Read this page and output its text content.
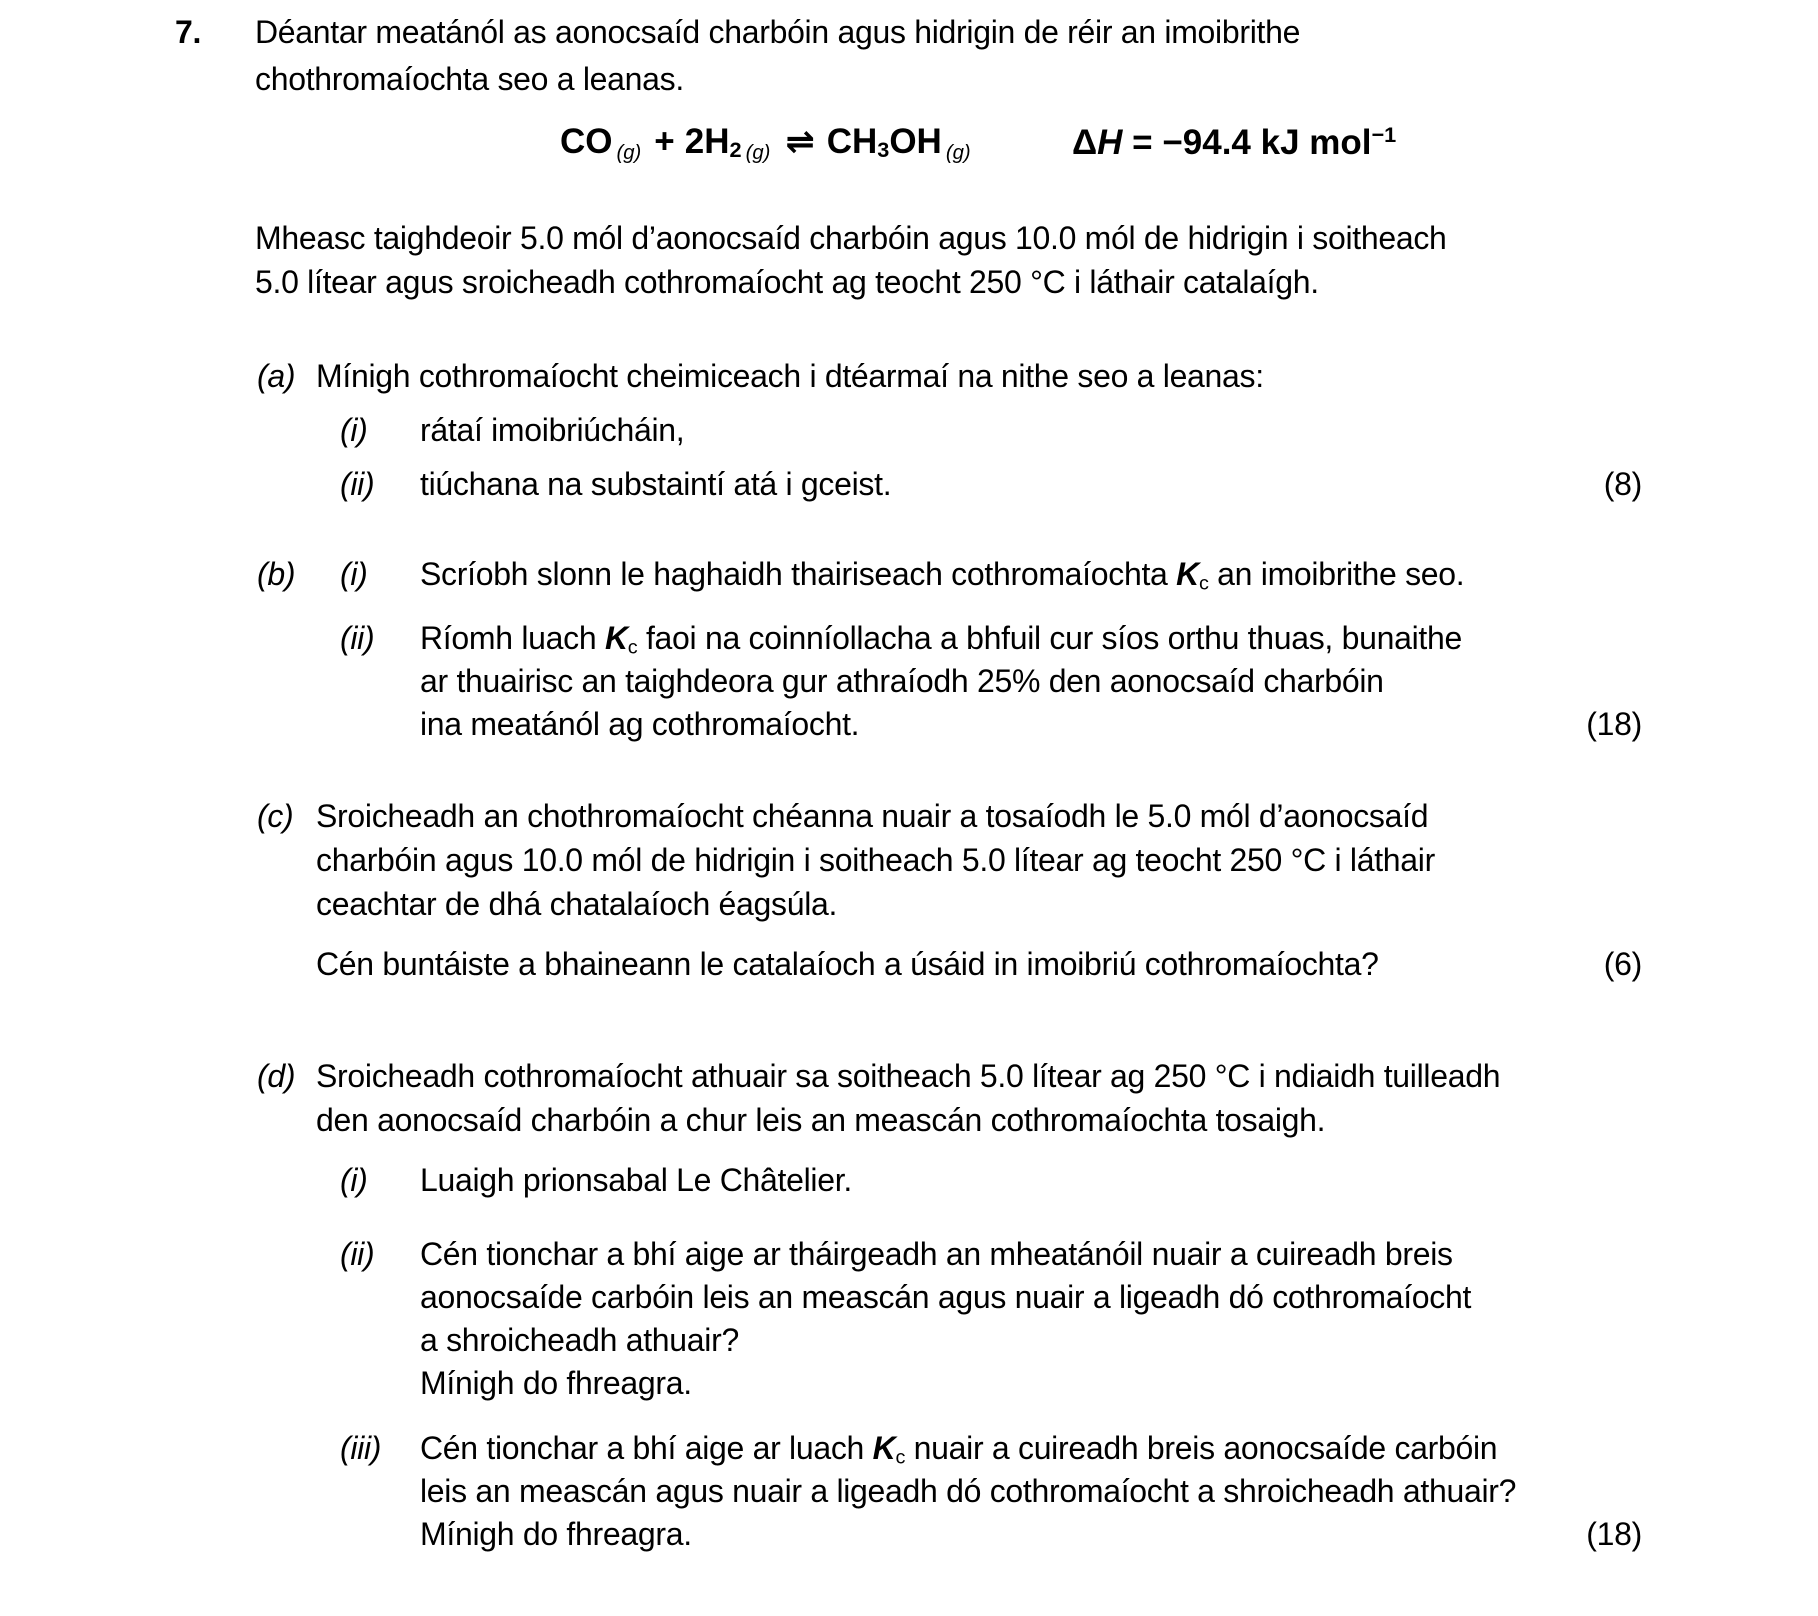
7. Déantar meatánól as aonocsaíd charbóin agus hidrigin de réir an imoibrithe
chothromaíochta seo a leanas.
CO (g) + 2H2 (g) ⇌ CH3OH (g)	ΔH = −94.4 kJ mol$^{-1}$
Mheasc taighdeoir 5.0 mól d’aonocsaíd charbóin agus 10.0 mól de hidrigin i soitheach
5.0 lítear agus sroicheadh cothromaíocht ag teocht 250 °C i láthair catalaígh.
(a) Mínigh cothromaíocht cheimiceach i dtéarmaí na nithe seo a leanas:
(i) rátaí imoibriúcháin,
(ii) tiúchana na substaintí atá i gceist.	(8)
(b) (i) Scríobh slonn le haghaidh thairiseach cothromaíochta Kc an imoibrithe seo.
(ii) Ríomh luach Kc faoi na coinníollacha a bhfuil cur síos orthu thuas, bunaithe
ar thuairisc an taighdeora gur athraíodh 25% den aonocsaíd charbóin
ina meatánól ag cothromaíocht.	(18)
(c) Sroicheadh an chothromaíocht chéanna nuair a tosaíodh le 5.0 mól d’aonocsaíd
charbóin agus 10.0 mól de hidrigin i soitheach 5.0 lítear ag teocht 250 °C i láthair
ceachtar de dhá chatalaíoch éagsúla.
Cén buntáiste a bhaineann le catalaíoch a úsáid in imoibriú cothromaíochta?	(6)
(d) Sroicheadh cothromaíocht athuair sa soitheach 5.0 lítear ag 250 °C i ndiaidh tuilleadh
den aonocsaíd charbóin a chur leis an meascán cothromaíochta tosaigh.
(i) Luaigh prionsabal Le Châtelier.
(ii) Cén tionchar a bhí aige ar tháirgeadh an mheatánóil nuair a cuireadh breis
aonocsaíde carbóin leis an meascán agus nuair a ligeadh dó cothromaíocht
a shroicheadh athuair?
Mínigh do fhreagra.
(iii) Cén tionchar a bhí aige ar luach Kc nuair a cuireadh breis aonocsaíde carbóin
leis an meascán agus nuair a ligeadh dó cothromaíocht a shroicheadh athuair?
Mínigh do fhreagra.	(18)
